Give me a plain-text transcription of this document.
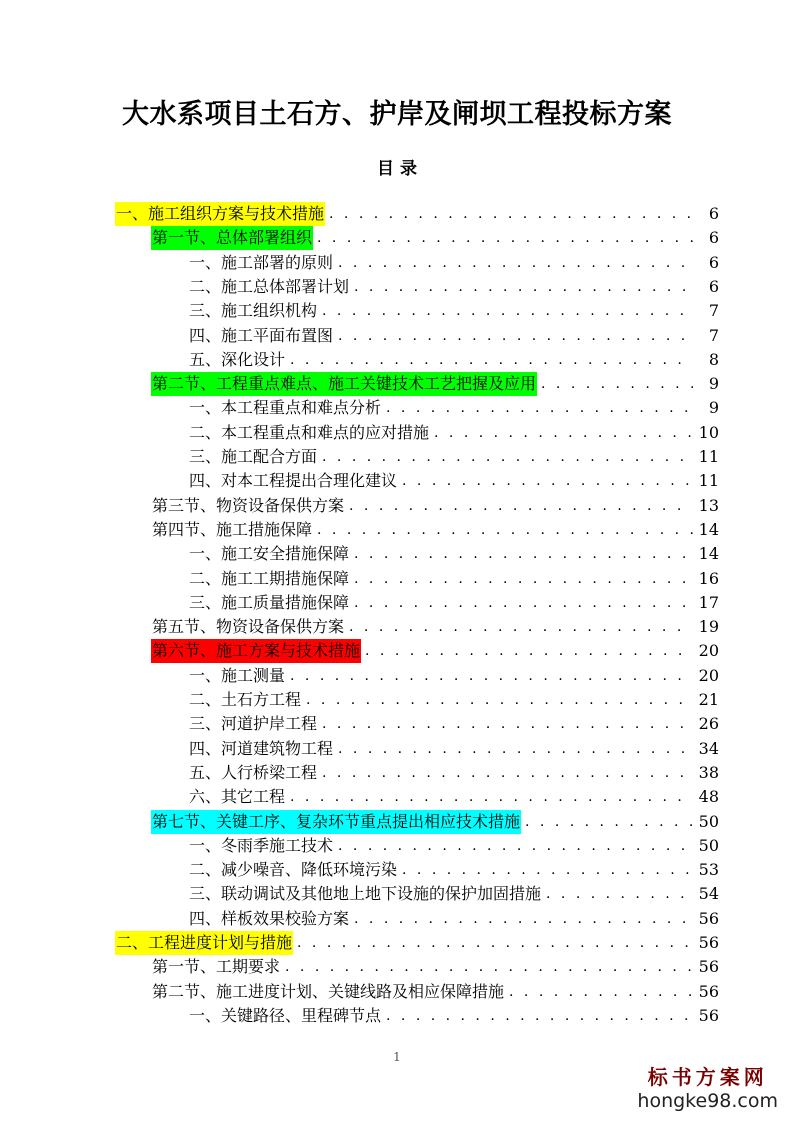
大水系项目土石方、护岸及闸坝工程投标方案
目 录
一、施工组织方案与技术措施 . . .	6
第一节、总体部署组织 . . .	6
一、施工部署的原则 . . .	6
二、施工总体部署计划 . . .	6
三、施工组织机构 . . .	7
四、施工平面布置图 . . .	7
五、深化设计 . . .	8
第二节、工程重点难点、施工关键技术工艺把握及应用 . . .	9
一、本工程重点和难点分析 . . .	9
二、本工程重点和难点的应对措施 . . .	10
三、施工配合方面 . . .	11
四、对本工程提出合理化建议 . . .	11
第三节、物资设备保供方案 . . .	13
第四节、施工措施保障 . . .	14
一、施工安全措施保障 . . .	14
二、施工工期措施保障 . . .	16
三、施工质量措施保障 . . .	17
第五节、物资设备保供方案 . . .	19
第六节、施工方案与技术措施 . . .	20
一、施工测量 . . .	20
二、土石方工程 . . .	21
三、河道护岸工程 . . .	26
四、河道建筑物工程 . . .	34
五、人行桥梁工程 . . .	38
六、其它工程 . . .	48
第七节、关键工序、复杂环节重点提出相应技术措施 . . .	50
一、冬雨季施工技术 . . .	50
二、减少噪音、降低环境污染 . . .	53
三、联动调试及其他地上地下设施的保护加固措施 . . .	54
四、样板效果校验方案 . . .	56
二、工程进度计划与措施 . . .	56
第一节、工期要求 . . .	56
第二节、施工进度计划、关键线路及相应保障措施 . . .	56
一、关键路径、里程碑节点 . . .	56
1
标书方案网
hongke98.com
